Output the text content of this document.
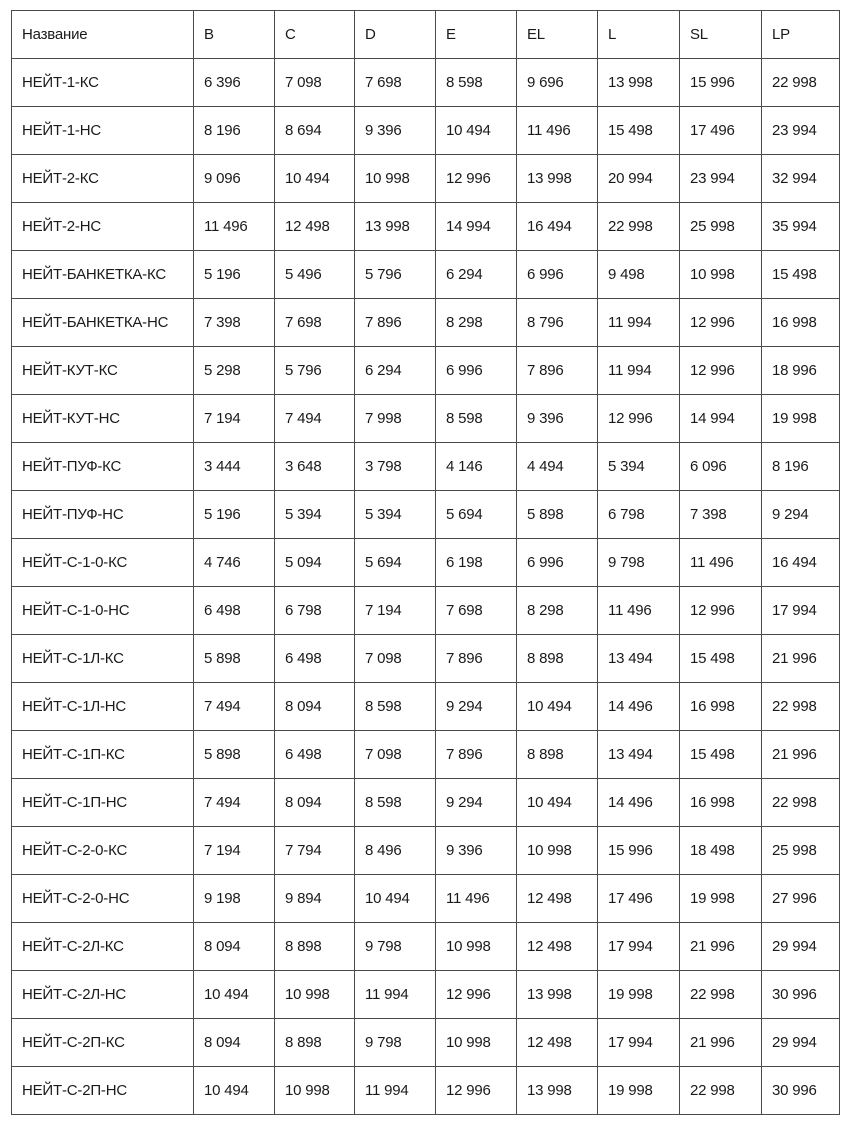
Название	B	C	D	E	EL	L	SL	LP
НЕЙТ-1-КС	6 396	7 098	7 698	8 598	9 696	13 998	15 996	22 998
НЕЙТ-1-НС	8 196	8 694	9 396	10 494	11 496	15 498	17 496	23 994
НЕЙТ-2-КС	9 096	10 494	10 998	12 996	13 998	20 994	23 994	32 994
НЕЙТ-2-НС	11 496	12 498	13 998	14 994	16 494	22 998	25 998	35 994
НЕЙТ-БАНКЕТКА-КС	5 196	5 496	5 796	6 294	6 996	9 498	10 998	15 498
НЕЙТ-БАНКЕТКА-НС	7 398	7 698	7 896	8 298	8 796	11 994	12 996	16 998
НЕЙТ-КУТ-КС	5 298	5 796	6 294	6 996	7 896	11 994	12 996	18 996
НЕЙТ-КУТ-НС	7 194	7 494	7 998	8 598	9 396	12 996	14 994	19 998
НЕЙТ-ПУФ-КС	3 444	3 648	3 798	4 146	4 494	5 394	6 096	8 196
НЕЙТ-ПУФ-НС	5 196	5 394	5 394	5 694	5 898	6 798	7 398	9 294
НЕЙТ-С-1-0-КС	4 746	5 094	5 694	6 198	6 996	9 798	11 496	16 494
НЕЙТ-С-1-0-НС	6 498	6 798	7 194	7 698	8 298	11 496	12 996	17 994
НЕЙТ-С-1Л-КС	5 898	6 498	7 098	7 896	8 898	13 494	15 498	21 996
НЕЙТ-С-1Л-НС	7 494	8 094	8 598	9 294	10 494	14 496	16 998	22 998
НЕЙТ-С-1П-КС	5 898	6 498	7 098	7 896	8 898	13 494	15 498	21 996
НЕЙТ-С-1П-НС	7 494	8 094	8 598	9 294	10 494	14 496	16 998	22 998
НЕЙТ-С-2-0-КС	7 194	7 794	8 496	9 396	10 998	15 996	18 498	25 998
НЕЙТ-С-2-0-НС	9 198	9 894	10 494	11 496	12 498	17 496	19 998	27 996
НЕЙТ-С-2Л-КС	8 094	8 898	9 798	10 998	12 498	17 994	21 996	29 994
НЕЙТ-С-2Л-НС	10 494	10 998	11 994	12 996	13 998	19 998	22 998	30 996
НЕЙТ-С-2П-КС	8 094	8 898	9 798	10 998	12 498	17 994	21 996	29 994
НЕЙТ-С-2П-НС	10 494	10 998	11 994	12 996	13 998	19 998	22 998	30 996
